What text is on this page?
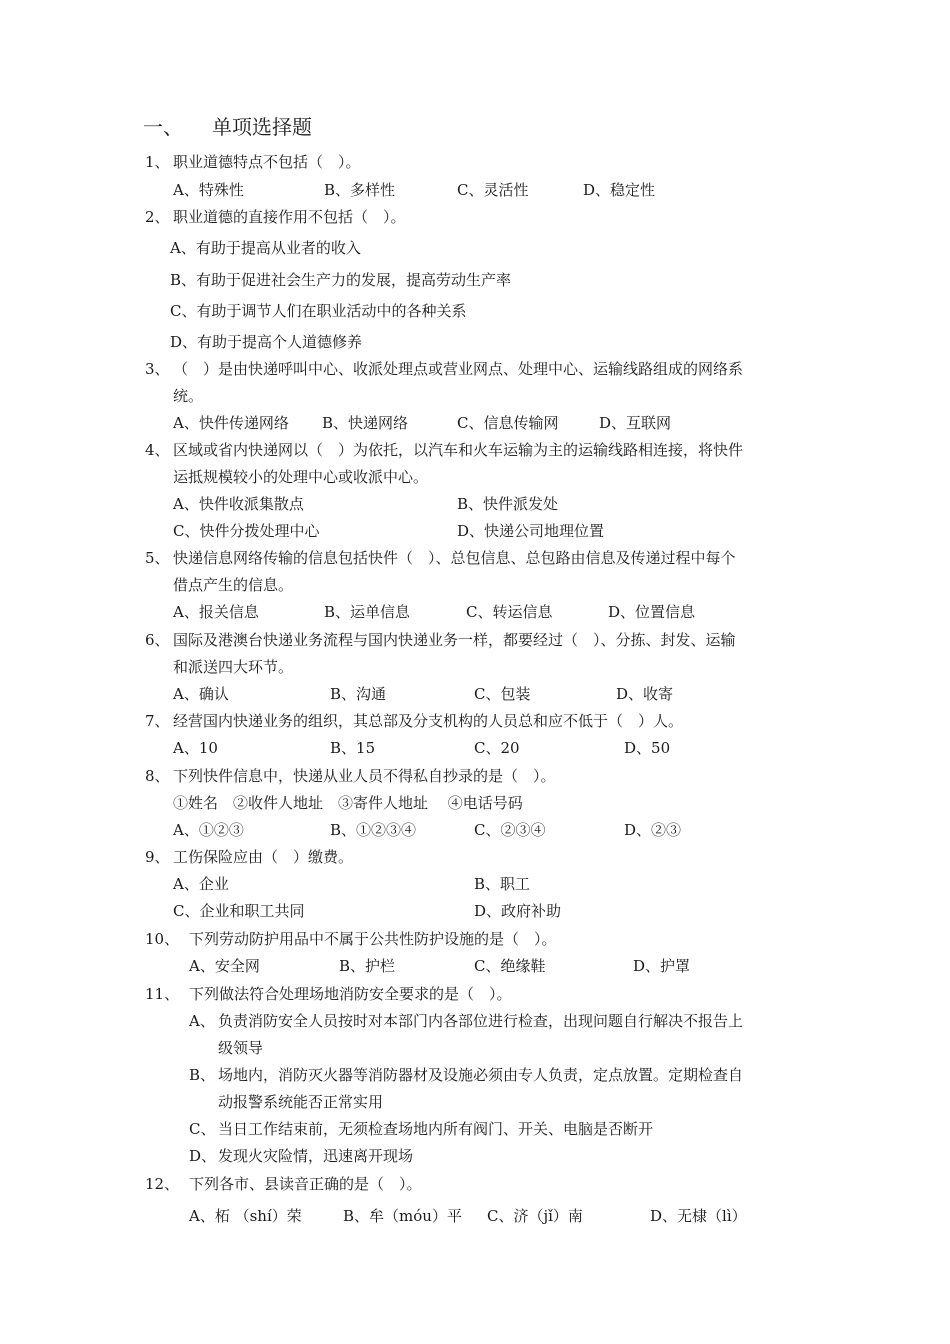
一、 单项选择题
1、 职业道德特点不包括（　）。
A、特殊性	B、多样性	C、灵活性	D、稳定性
2、 职业道德的直接作用不包括（　）。
A、有助于提高从业者的收入
B、有助于促进社会生产力的发展，提高劳动生产率
C、有助于调节人们在职业活动中的各种关系
D、有助于提高个人道德修养
3、 （　）是由快递呼叫中心、收派处理点或营业网点、处理中心、运输线路组成的网络系
统。
A、快件传递网络 B、快递网络	C、信息传输网	D、互联网
4、 区域或省内快递网以（　）为依托，以汽车和火车运输为主的运输线路相连接，将快件
运抵规模较小的处理中心或收派中心。
A、快件收派集散点	B、快件派发处
C、快件分拨处理中心	D、快递公司地理位置
5、 快递信息网络传输的信息包括快件（　）、总包信息、总包路由信息及传递过程中每个
借点产生的信息。
A、报关信息	B、运单信息	C、转运信息	D、位置信息
6、 国际及港澳台快递业务流程与国内快递业务一样，都要经过（　）、分拣、封发、运输
和派送四大环节。
A、确认	B、沟通	C、包装	D、收寄
7、 经营国内快递业务的组织，其总部及分支机构的人员总和应不低于（　）人。
A、10	B、15	C、20	D、50
8、 下列快件信息中，快递从业人员不得私自抄录的是（　）。
①姓名　②收件人地址　③寄件人地址　 ④电话号码
A、①②③	B、①②③④	C、②③④	D、②③
9、 工伤保险应由（　）缴费。
A、企业	B、职工
C、企业和职工共同	D、政府补助
10、 下列劳动防护用品中不属于公共性防护设施的是（　）。
A、安全网	B、护栏	C、绝缘鞋	D、护罩
11、 下列做法符合处理场地消防安全要求的是（　）。
A、 负责消防安全人员按时对本部门内各部位进行检查，出现问题自行解决不报告上
级领导
B、 场地内，消防灭火器等消防器材及设施必须由专人负责，定点放置。定期检查自
动报警系统能否正常实用
C、 当日工作结束前，无须检查场地内所有阀门、开关、电脑是否断开
D、 发现火灾险情，迅速离开现场
12、 下列各市、县读音正确的是（　）。
A、柘 （shí）荣	B、牟（móu）平 C、济（jǐ）南	D、无棣（lì）
